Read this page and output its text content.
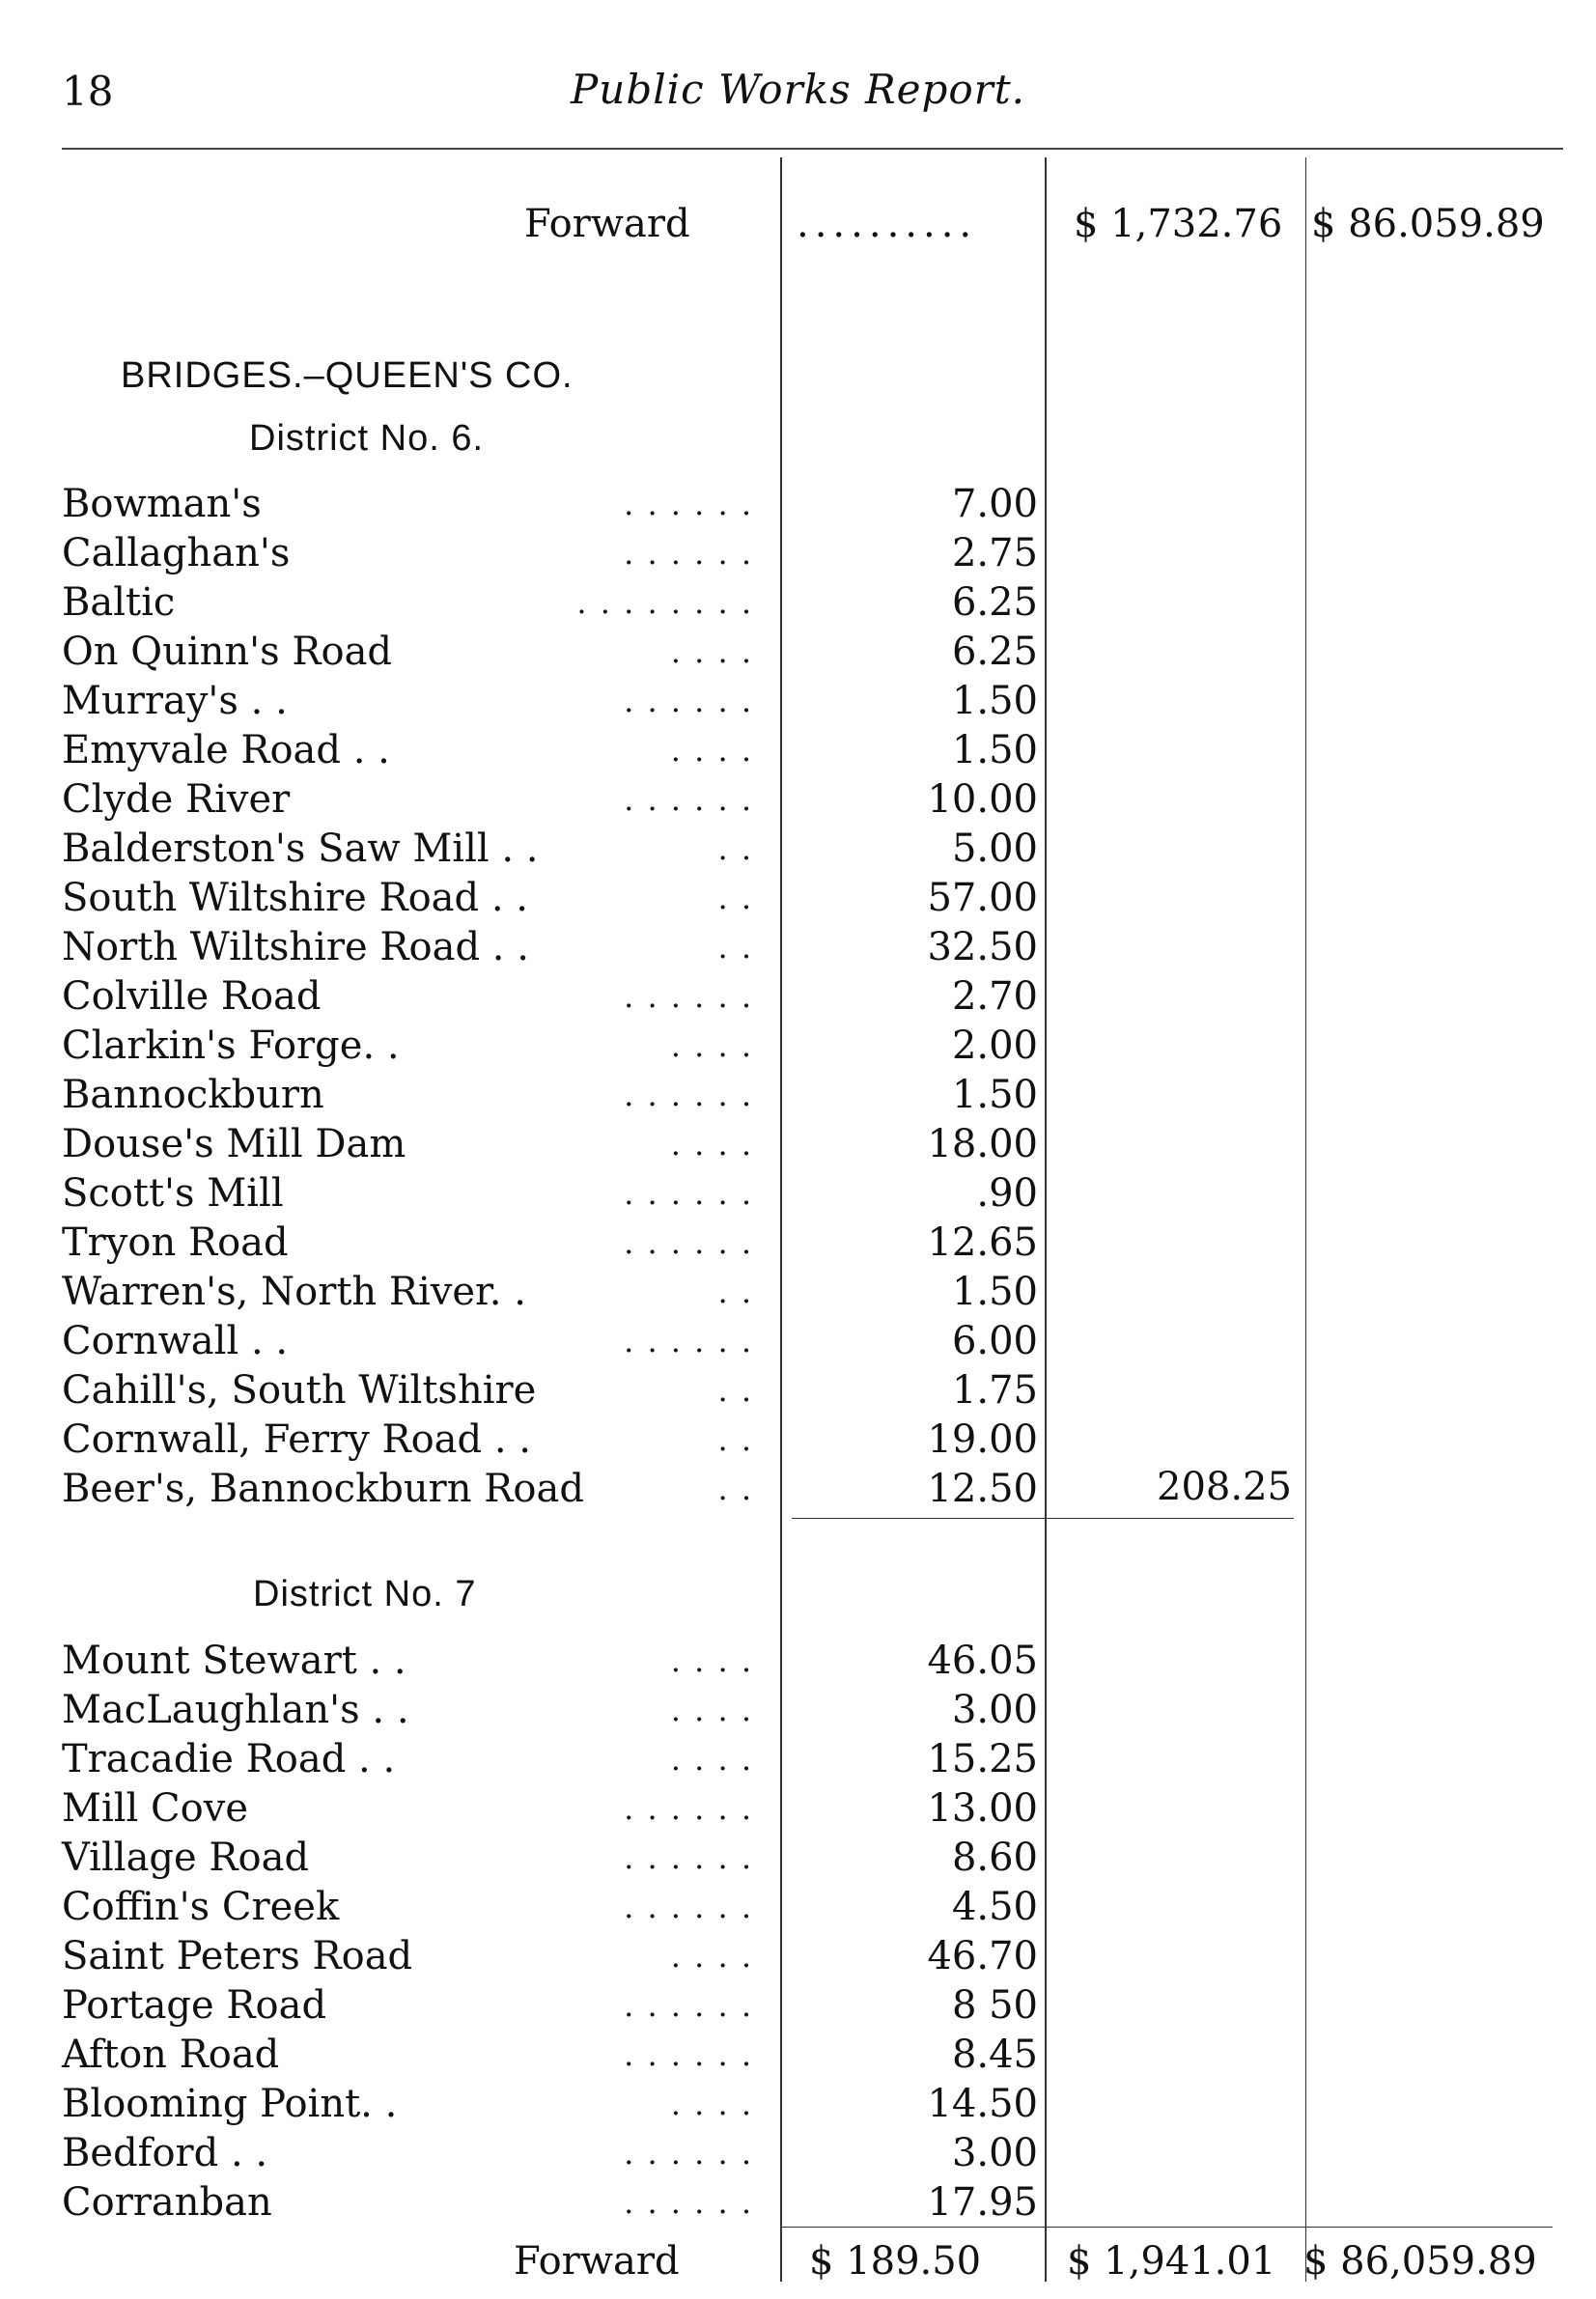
18	Public Works Report.
Forward	.......... $ 1,732.76 $ 86.059.89
BRIDGES.–QUEEN'S CO.
District No. 6.
Bowman's	. . . . . .	7.00
Callaghan's	. . . . . .	2.75
Baltic	. . . . . . . .	6.25
On Quinn's Road	. . . .	6.25
Murray's . .	. . . . . .	1.50
Emyvale Road . .	. . . .	1.50
Clyde River	. . . . . .	10.00
Balderston's Saw Mill . .	. .	5.00
South Wiltshire Road . .	. .	57.00
North Wiltshire Road . .	. .	32.50
Colville Road	. . . . . .	2.70
Clarkin's Forge. .	. . . .	2.00
Bannockburn	. . . . . .	1.50
Douse's Mill Dam	. . . .	18.00
Scott's Mill	. . . . . .	.90
Tryon Road	. . . . . .	12.65
Warren's, North River. .	. .	1.50
Cornwall . .	. . . . . .	6.00
Cahill's, South Wiltshire	. .	1.75
Cornwall, Ferry Road . .	. .	19.00
Beer's, Bannockburn Road	. .	12.50	208.25
District No. 7
Mount Stewart . .	. . . .	46.05
MacLaughlan's . .	. . . .	3.00
Tracadie Road . .	. . . .	15.25
Mill Cove	. . . . . .	13.00
Village Road	. . . . . .	8.60
Coffin's Creek	. . . . . .	4.50
Saint Peters Road	. . . .	46.70
Portage Road	. . . . . .	8 50
Afton Road	. . . . . .	8.45
Blooming Point. .	. . . .	14.50
Bedford . .	. . . . . .	3.00
Corranban	. . . . . .	17.95
Forward	$ 189.50 $ 1,941.01 $ 86,059.89
